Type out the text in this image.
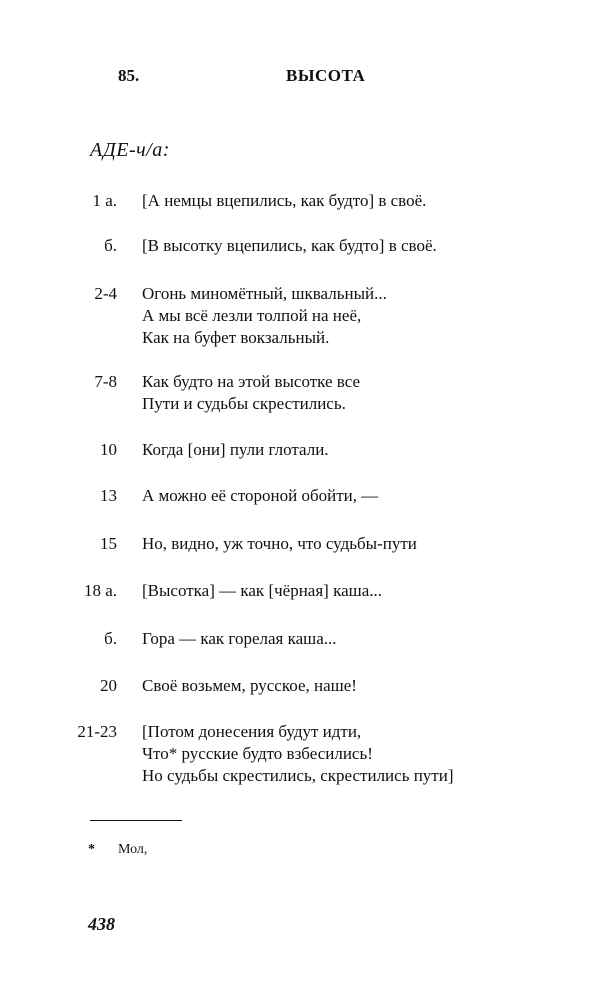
85.	ВЫСОТА
АДЕ-ч/а:
1 а. [А немцы вцепились, как будто] в своё.
б. [В высотку вцепились, как будто] в своё.
2-4 Огонь миномётный, шквальный...
А мы всё лезли толпой на неё,
Как на буфет вокзальный.
7-8 Как будто на этой высотке все
Пути и судьбы скрестились.
10 Когда [они] пули глотали.
13 А можно её стороной обойти, —
15 Но, видно, уж точно, что судьбы-пути
18 а. [Высотка] — как [чёрная] каша...
б. Гора — как горелая каша...
20 Своё возьмем, русское, наше!
21-23 [Потом донесения будут идти,
Что* русские будто взбесились!
Но судьбы скрестились, скрестились пути]
* Мол,
438
